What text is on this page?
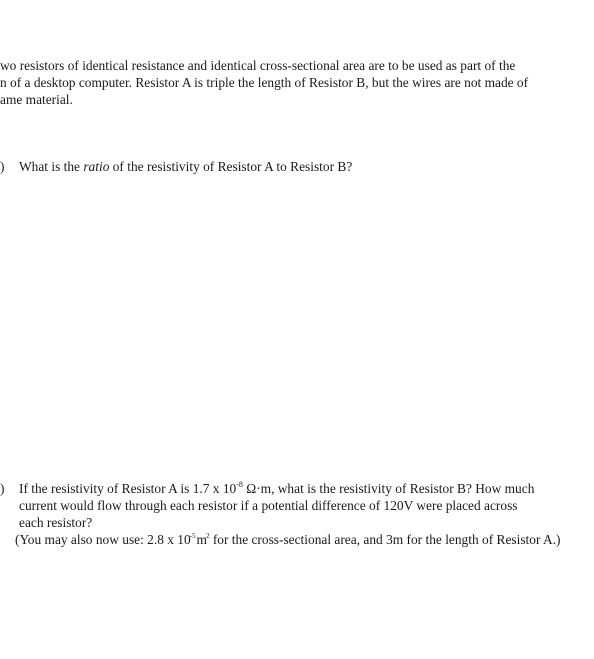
wo resistors of identical resistance and identical cross-sectional area are to be used as part of the
n of a desktop computer. Resistor A is triple the length of Resistor B, but the wires are not made of
ame material.
) What is the ratio of the resistivity of Resistor A to Resistor B?
) If the resistivity of Resistor A is 1.7 x $10^{-8}$ Ω·m, what is the resistivity of Resistor B? How much
current would flow through each resistor if a potential difference of 120V were placed across
each resistor?
(You may also now use: 2.8 x $10^{-5}m^2$ for the cross-sectional area, and 3m for the length of Resistor A.)
